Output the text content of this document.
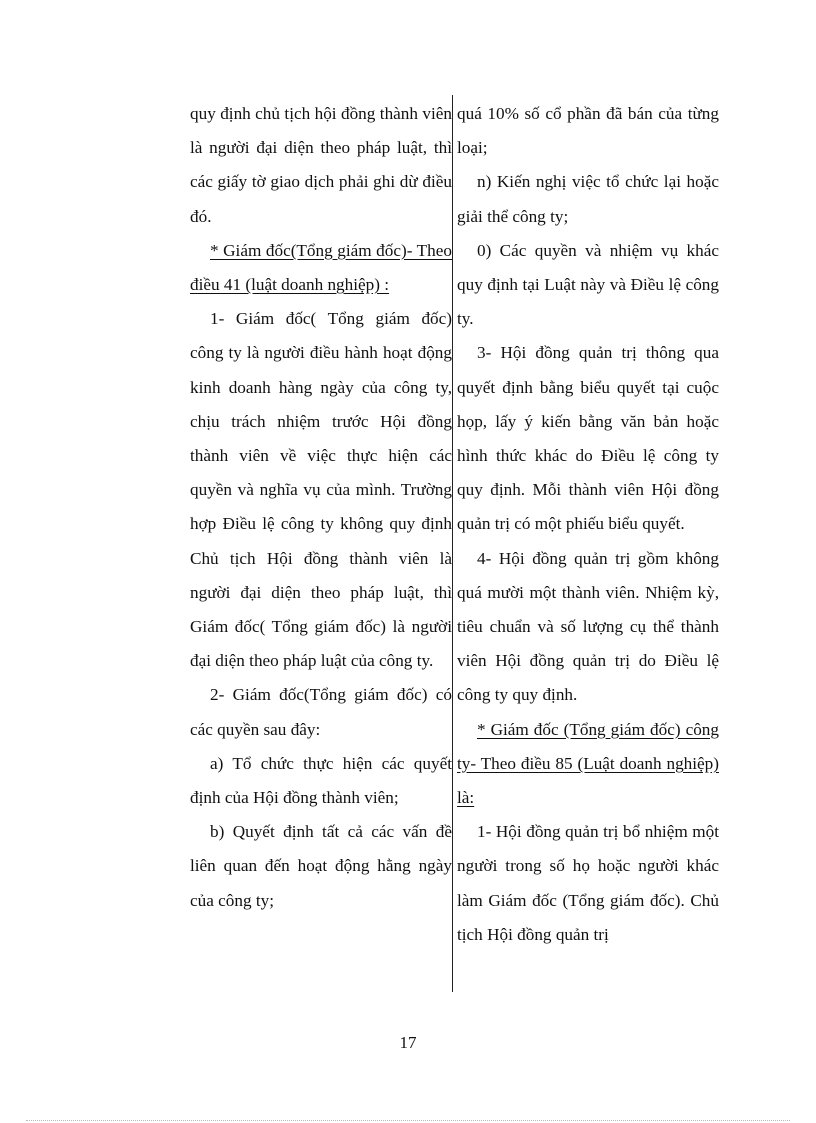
quy định chủ tịch hội đồng thành viên là người đại diện theo pháp luật, thì các giấy tờ giao dịch phải ghi dừ điều đó.

* Giám đốc(Tổng giám đốc)- Theo điều 41 (luật doanh nghiệp) :

1- Giám đốc( Tổng giám đốc) công ty là người điều hành hoạt động kinh doanh hàng ngày của công ty, chịu trách nhiệm trước Hội đồng thành viên về việc thực hiện các quyền và nghĩa vụ của mình. Trường hợp Điều lệ công ty không quy định Chủ tịch Hội đồng thành viên là người đại diện theo pháp luật, thì Giám đốc( Tổng giám đốc) là người đại diện theo pháp luật của công ty.

2- Giám đốc(Tổng giám đốc) có các quyền sau đây:

a) Tổ chức thực hiện các quyết định của Hội đồng thành viên;

b) Quyết định tất cả các vấn đề liên quan đến hoạt động hằng ngày của công ty;

quá 10% số cổ phần đã bán của từng loại;

n) Kiến nghị việc tổ chức lại hoặc giải thể công ty;

0) Các quyền và nhiệm vụ khác quy định tại Luật này và Điều lệ công ty.

3- Hội đồng quản trị thông qua quyết định bằng biểu quyết tại cuộc họp, lấy ý kiến bằng văn bản hoặc hình thức khác do Điều lệ công ty quy định. Mỗi thành viên Hội đồng quản trị có một phiếu biểu quyết.

4- Hội đồng quản trị gồm không quá mười một thành viên. Nhiệm kỳ, tiêu chuẩn và số lượng cụ thể thành viên Hội đồng quản trị do Điều lệ công ty quy định.

* Giám đốc (Tổng giám đốc) công ty- Theo điều 85 (Luật doanh nghiệp) là:

1- Hội đồng quản trị bổ nhiệm một người trong số họ hoặc người khác làm Giám đốc (Tổng giám đốc). Chủ tịch Hội đồng quản trị

17
